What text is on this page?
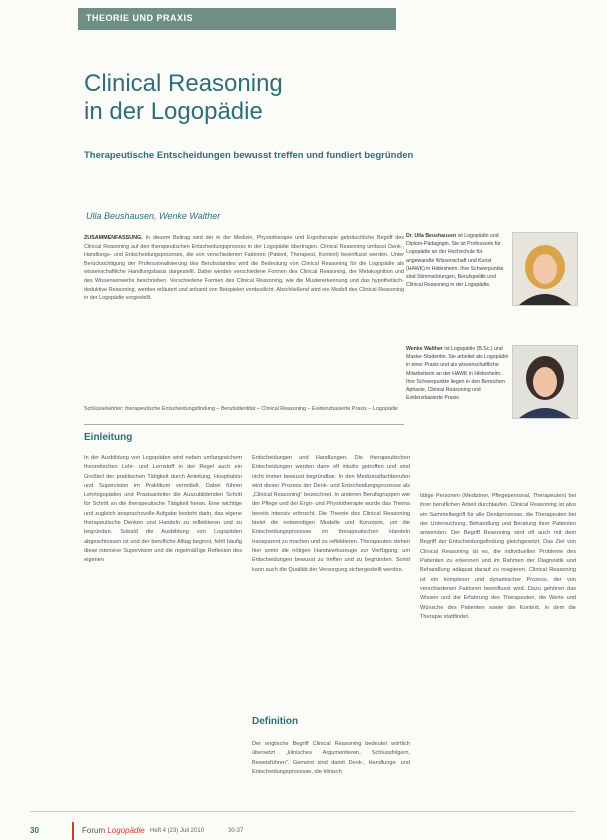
THEORIE UND PRAXIS
Clinical Reasoning
in der Logopädie
Therapeutische Entscheidungen bewusst treffen und fundiert begründen
Ulla Beushausen, Wenke Walther
ZUSAMMENFASSUNG. In diesem Beitrag wird der in der Medizin, Physiotherapie und Ergotherapie gebräuchliche Begriff des Clinical Reasoning auf den therapeutischen Entscheidungsprozess in der Logopädie übertragen. Clinical Reasoning umfasst Denk-, Handlungs- und Entscheidungsprozesse, die von verschiedenen Faktoren (Patient, Therapeut, Kontext) beeinflusst werden. Unter Berücksichtigung der Professionalisierung des Berufsstandes wird die Bedeutung von Clinical Reasoning für die Logopädie als wissenschaftliche Handlungsbasis dargestellt. Dabei werden verschiedene Formen des Clinical Reasoning, der Metakognition und des Wissenserwerbs beschrieben. Verschiedene Formen des Clinical Reasoning, wie die Mustererkennung und das hypothetisch-deduktive Reasoning, werden erläutert und anhand von Beispielen verdeutlicht. Abschließend wird ein Modell des Clinical Reasoning in der Logopädie vorgestellt.
Schlüsselwörter: therapeutische Entscheidungsfindung – Berufsidentität – Clinical Reasoning – Evidenzbasierte Praxis – Logopädie
Dr. Ulla Beushausen ist Logopädin und Diplom-Pädagogin. Sie ist Professorin für Logopädie an der Hochschule für angewandte Wissenschaft und Kunst (HAWK) in Hildesheim. Ihre Schwerpunkte sind Stimmstörungen, Berufspolitik und Clinical Reasoning in der Logopädie.
Wenke Walther ist Logopädin (B.Sc.) und Master-Studentin. Sie arbeitet als Logopädin in einer Praxis und als wissenschaftliche Mitarbeiterin an der HAWK in Hildesheim. Ihre Schwerpunkte liegen in den Bereichen Aphasie, Clinical Reasoning und Evidenzbasierte Praxis.
Einleitung
In der Ausbildung von Logopäden wird neben umfangreichem theoretischen Lehr- und Lernstoff in der Regel auch ein Großteil der praktischen Tätigkeit durch Anleitung, Hospitation und Supervision im Praktikum vermittelt. Dabei führen Lehrlogopäden und Praxisanleiter die Auszubildenden Schritt für Schritt an die therapeutische Tätigkeit heran. Eine wichtige und zugleich anspruchsvolle Aufgabe besteht darin, das eigene therapeutische Denken und Handeln zu reflektieren und zu begründen. Sobald die Ausbildung von Logopäden abgeschlossen ist und der berufliche Alltag beginnt, fehlt häufig diese intensive Supervision und die regelmäßige Reflexion des eigenen
Entscheidungen und Handlungen. Die therapeutischen Entscheidungen werden dann oft intuitiv getroffen und sind nicht immer bewusst begründbar. In den Medizinalfachberufen wird dieser Prozess der Denk- und Entscheidungsprozesse als „Clinical Reasoning“ bezeichnet. In anderen Berufsgruppen wie der Pflege und der Ergo- und Physiotherapie wurde das Thema bereits intensiv erforscht. Die Theorie des Clinical Reasoning bietet die notwendigen Modelle und Konzepte, um die Entscheidungsprozesse im therapeutischen Handeln transparent zu machen und zu reflektieren. Therapeuten stehen hier somit die nötigen Handwerkszeuge zur Verfügung, um Entscheidungen bewusst zu treffen und zu begründen. Somit kann auch die Qualität der Versorgung sichergestellt werden.
Definition
Der englische Begriff Clinical Reasoning bedeutet wörtlich übersetzt „klinisches Argumentieren, Schlussfolgern, Beweisführen“. Gemeint sind damit Denk-, Handlungs- und Entscheidungsprozesse, die klinisch
tätige Personen (Mediziner, Pflegepersonal, Therapeuten) bei ihrer beruflichen Arbeit durchlaufen. Clinical Reasoning ist also ein Sammelbegriff für alle Denkprozesse, die Therapeuten bei der Untersuchung, Behandlung und Beratung ihrer Patienten anwenden. Der Begriff Reasoning wird oft auch mit dem Begriff der Entscheidungsfindung gleichgesetzt. Das Ziel von Clinical Reasoning ist es, die individuellen Probleme des Patienten zu erkennen und im Rahmen der Diagnostik und Behandlung adäquat darauf zu reagieren. Clinical Reasoning ist ein komplexer und dynamischer Prozess, der von verschiedenen Faktoren beeinflusst wird. Dazu gehören das Wissen und die Erfahrung des Therapeuten, die Werte und Wünsche des Patienten sowie der Kontext, in dem die Therapie stattfindet.
30	Forum Logopädie Heft 4 (23) Juli 2010	30-37
